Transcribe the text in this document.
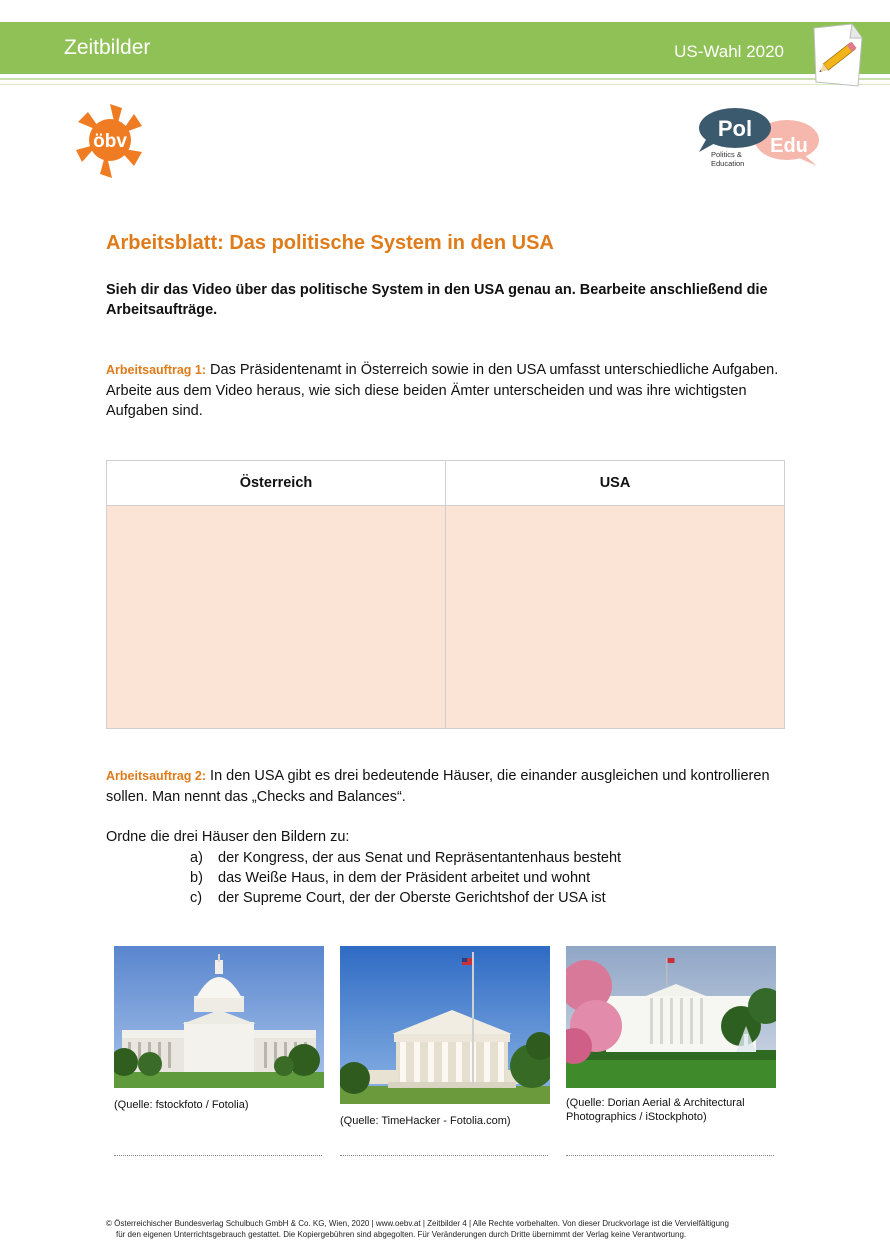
Zeitbilder	US-Wahl 2020
öbv
Pol
Edu
Politics &
Education
Arbeitsblatt: Das politische System in den USA
Sieh dir das Video über das politische System in den USA genau an. Bearbeite anschließend die Arbeitsaufträge.
Arbeitsauftrag 1: Das Präsidentenamt in Österreich sowie in den USA umfasst unterschiedliche Aufgaben.
Arbeite aus dem Video heraus, wie sich diese beiden Ämter unterscheiden und was ihre wichtigsten Aufgaben sind.
Österreich	USA

Arbeitsauftrag 2: In den USA gibt es drei bedeutende Häuser, die einander ausgleichen und kontrollieren sollen. Man nennt das „Checks and Balances“.
Ordne die drei Häuser den Bildern zu:
a)	der Kongress, der aus Senat und Repräsentantenhaus besteht
b)	das Weiße Haus, in dem der Präsident arbeitet und wohnt
c)	der Supreme Court, der der Oberste Gerichtshof der USA ist
(Quelle: fstockfoto / Fotolia)
(Quelle: TimeHacker - Fotolia.com)
(Quelle: Dorian Aerial & Architectural Photographics / iStockphoto)
© Österreichischer Bundesverlag Schulbuch GmbH & Co. KG, Wien, 2020 | www.oebv.at | Zeitbilder 4 | Alle Rechte vorbehalten. Von dieser Druckvorlage ist die Vervielfältigung
für den eigenen Unterrichtsgebrauch gestattet. Die Kopiergebühren sind abgegolten. Für Veränderungen durch Dritte übernimmt der Verlag keine Verantwortung.
